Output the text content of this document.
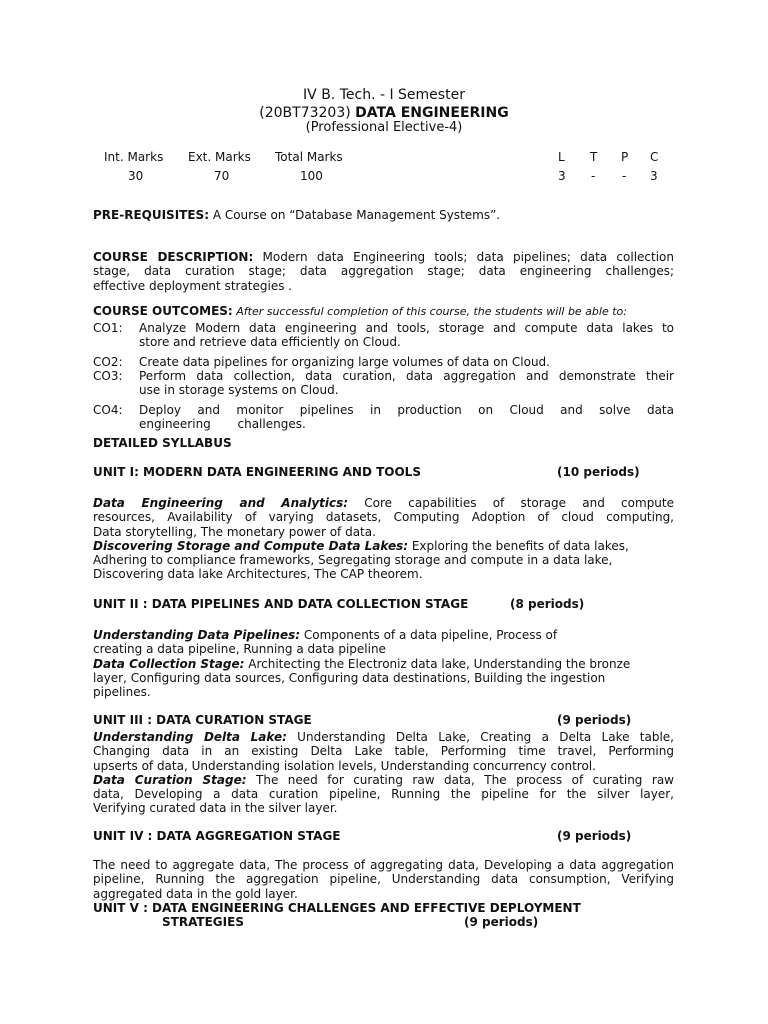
IV B. Tech. - I Semester
(20BT73203) DATA ENGINEERING
(Professional Elective-4)
Int. Marks Ext. Marks Total Marks	L T P C
30	70	100	3 - - 3
PRE-REQUISITES: A Course on “Database Management Systems”.
COURSE DESCRIPTION: Modern data Engineering tools; data pipelines; data collection
stage, data curation stage; data aggregation stage; data engineering challenges;
effective deployment strategies .
COURSE OUTCOMES: After successful completion of this course, the students will be able to:
CO1: Analyze Modern data engineering and tools, storage and compute data lakes to
store and retrieve data efficiently on Cloud.
CO2: Create data pipelines for organizing large volumes of data on Cloud.
CO3: Perform data collection, data curation, data aggregation and demonstrate their
use in storage systems on Cloud.
CO4: Deploy and monitor pipelines in production on Cloud and solve data
engineering       challenges.
DETAILED SYLLABUS
UNIT I: MODERN DATA ENGINEERING AND TOOLS	(10 periods)
Data Engineering and Analytics: Core capabilities of storage and compute
resources, Availability of varying datasets, Computing Adoption of cloud computing,
Data storytelling, The monetary power of data.
Discovering Storage and Compute Data Lakes: Exploring the benefits of data lakes,
Adhering to compliance frameworks, Segregating storage and compute in a data lake,
Discovering data lake Architectures, The CAP theorem.
UNIT II : DATA PIPELINES AND DATA COLLECTION STAGE	(8 periods)
Understanding Data Pipelines: Components of a data pipeline, Process of
creating a data pipeline, Running a data pipeline
Data Collection Stage: Architecting the Electroniz data lake, Understanding the bronze
layer, Configuring data sources, Configuring data destinations, Building the ingestion
pipelines.
UNIT III : DATA CURATION STAGE	(9 periods)
Understanding Delta Lake: Understanding Delta Lake, Creating a Delta Lake table,
Changing data in an existing Delta Lake table, Performing time travel, Performing
upserts of data, Understanding isolation levels, Understanding concurrency control.
Data Curation Stage: The need for curating raw data, The process of curating raw
data, Developing a data curation pipeline, Running the pipeline for the silver layer,
Verifying curated data in the silver layer.
UNIT IV : DATA AGGREGATION STAGE	(9 periods)
The need to aggregate data, The process of aggregating data, Developing a data aggregation
pipeline, Running the aggregation pipeline, Understanding data consumption, Verifying
aggregated data in the gold layer.
UNIT V : DATA ENGINEERING CHALLENGES AND EFFECTIVE DEPLOYMENT
STRATEGIES	(9 periods)
